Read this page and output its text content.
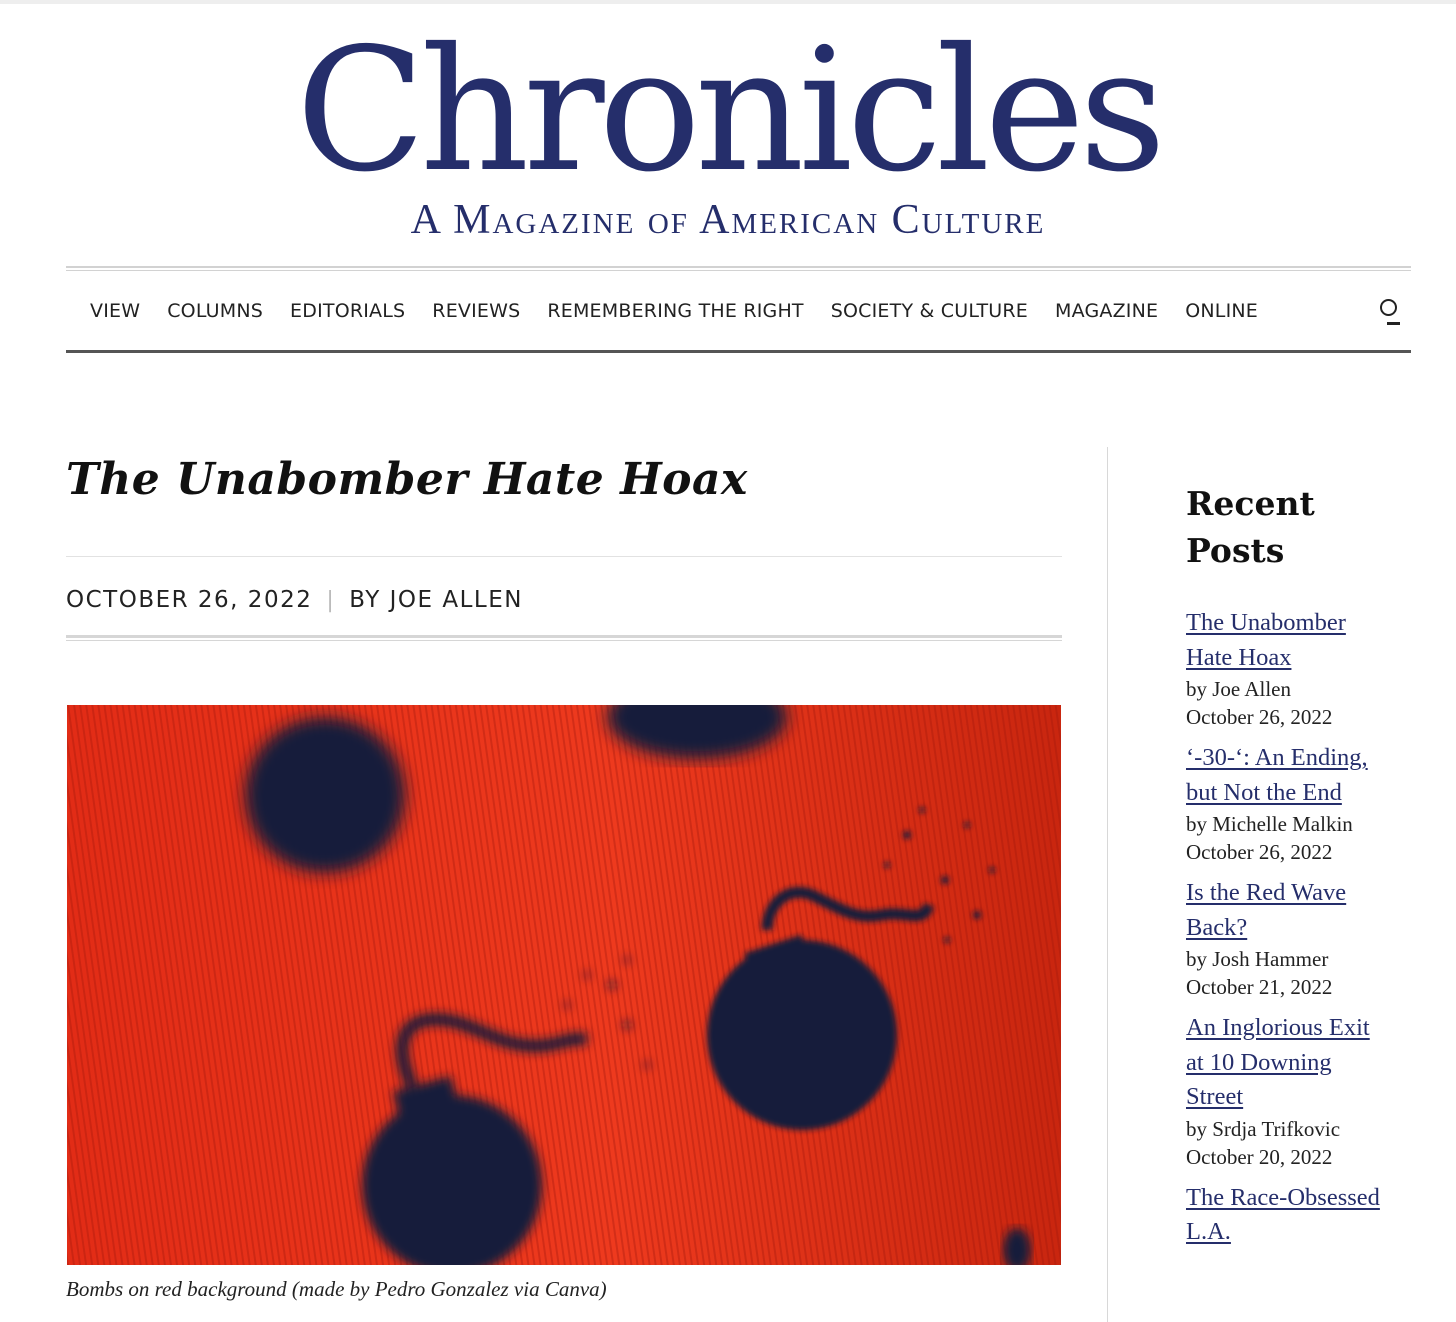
Chronicles
A Magazine of American Culture
VIEW COLUMNS EDITORIALS REVIEWS REMEMBERING THE RIGHT SOCIETY & CULTURE MAGAZINE ONLINE
The Unabomber Hate Hoax
OCTOBER 26, 2022 | BY JOE ALLEN
Bombs on red background (made by Pedro Gonzalez via Canva)
Recent Posts
The Unabomber Hate Hoax
by Joe Allen
October 26, 2022
‘-30-‘: An Ending, but Not the End
by Michelle Malkin
October 26, 2022
Is the Red Wave Back?
by Josh Hammer
October 21, 2022
An Inglorious Exit at 10 Downing Street
by Srdja Trifkovic
October 20, 2022
The Race-Obsessed L.A.
